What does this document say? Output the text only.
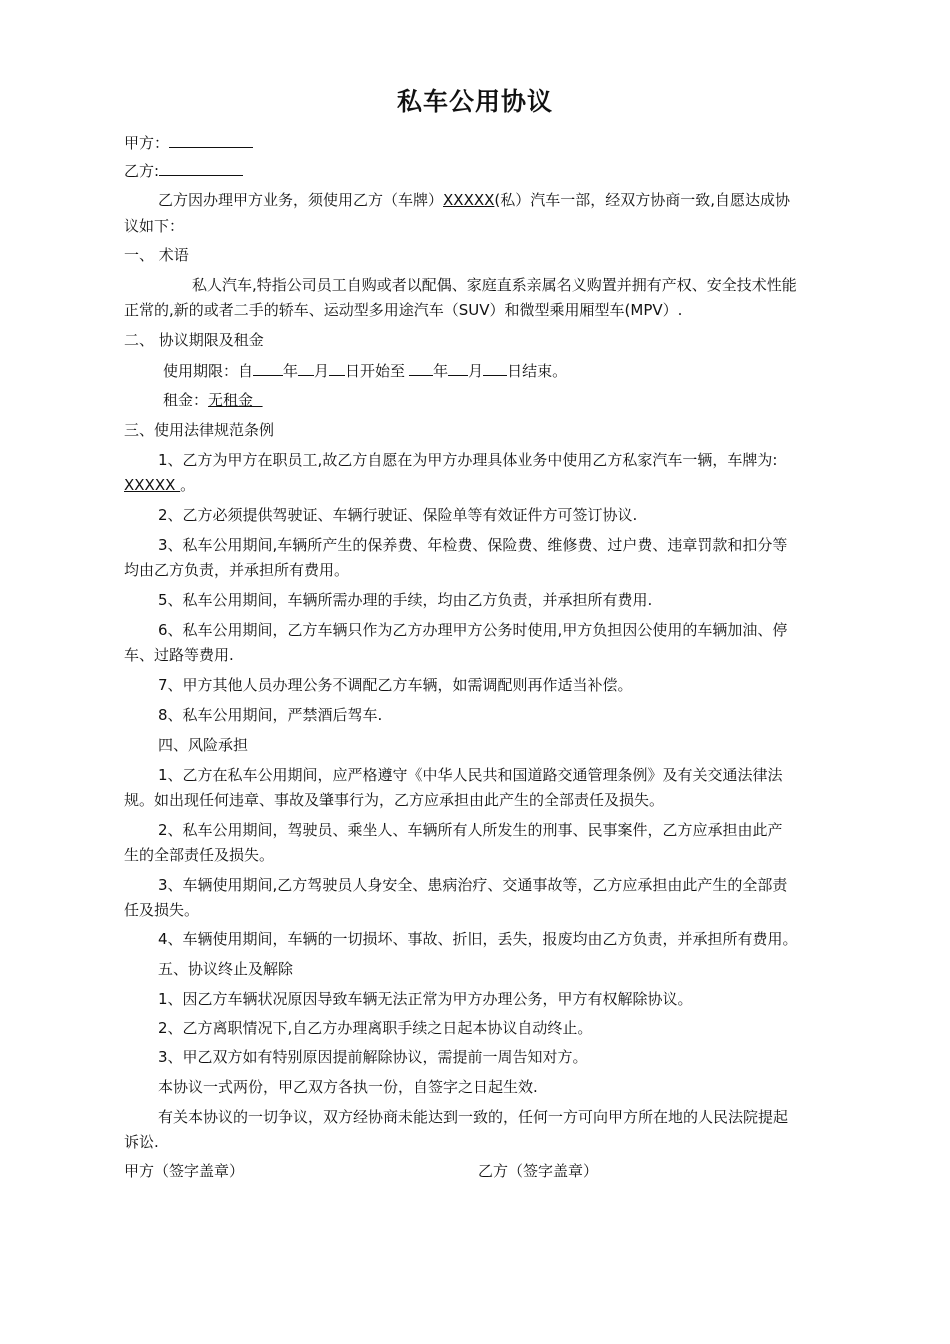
私车公用协议
甲方：
乙方:
乙方因办理甲方业务，须使用乙方（车牌）XXXXX(私）汽车一部，经双方协商一致,自愿达成协
议如下：
一、 术语
私人汽车,特指公司员工自购或者以配偶、家庭直系亲属名义购置并拥有产权、安全技术性能
正常的,新的或者二手的轿车、运动型多用途汽车（SUV）和微型乘用厢型车(MPV）.
二、 协议期限及租金
使用期限：自 年 月 日开始至 年 月 日结束。
租金：无租金
三、使用法律规范条例
1、乙方为甲方在职员工,故乙方自愿在为甲方办理具体业务中使用乙方私家汽车一辆，车牌为:
XXXXX 。
2、乙方必须提供驾驶证、车辆行驶证、保险单等有效证件方可签订协议.
3、私车公用期间,车辆所产生的保养费、年检费、保险费、维修费、过户费、违章罚款和扣分等
均由乙方负责，并承担所有费用。
5、私车公用期间，车辆所需办理的手续，均由乙方负责，并承担所有费用.
6、私车公用期间，乙方车辆只作为乙方办理甲方公务时使用,甲方负担因公使用的车辆加油、停
车、过路等费用.
7、甲方其他人员办理公务不调配乙方车辆，如需调配则再作适当补偿。
8、私车公用期间，严禁酒后驾车.
四、风险承担
1、乙方在私车公用期间，应严格遵守《中华人民共和国道路交通管理条例》及有关交通法律法
规。如出现任何违章、事故及肇事行为，乙方应承担由此产生的全部责任及损失。
2、私车公用期间，驾驶员、乘坐人、车辆所有人所发生的刑事、民事案件，乙方应承担由此产
生的全部责任及损失。
3、车辆使用期间,乙方驾驶员人身安全、患病治疗、交通事故等，乙方应承担由此产生的全部责
任及损失。
4、车辆使用期间，车辆的一切损坏、事故、折旧，丢失，报废均由乙方负责，并承担所有费用。
五、协议终止及解除
1、因乙方车辆状况原因导致车辆无法正常为甲方办理公务，甲方有权解除协议。
2、乙方离职情况下,自乙方办理离职手续之日起本协议自动终止。
3、甲乙双方如有特别原因提前解除协议，需提前一周告知对方。
本协议一式两份，甲乙双方各执一份，自签字之日起生效.
有关本协议的一切争议，双方经协商未能达到一致的，任何一方可向甲方所在地的人民法院提起
诉讼.
甲方（签字盖章）	乙方（签字盖章）
